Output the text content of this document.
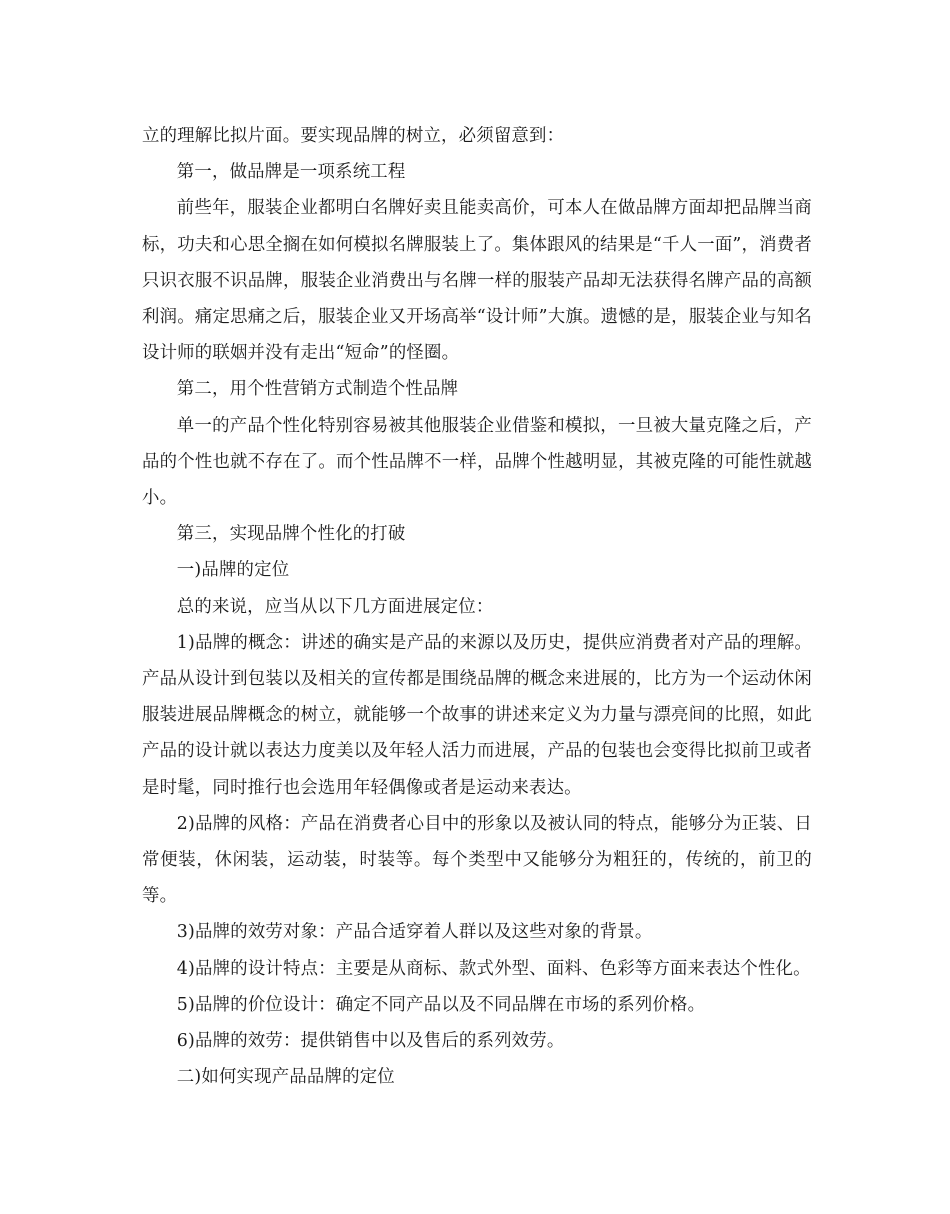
立的理解比拟片面。要实现品牌的树立，必须留意到：

第一，做品牌是一项系统工程

前些年，服装企业都明白名牌好卖且能卖高价，可本人在做品牌方面却把品牌当商标，功夫和心思全搁在如何模拟名牌服装上了。集体跟风的结果是“千人一面”，消费者只识衣服不识品牌，服装企业消费出与名牌一样的服装产品却无法获得名牌产品的高额利润。痛定思痛之后，服装企业又开场高举“设计师”大旗。遗憾的是，服装企业与知名设计师的联姻并没有走出“短命”的怪圈。

第二，用个性营销方式制造个性品牌

单一的产品个性化特别容易被其他服装企业借鉴和模拟，一旦被大量克隆之后，产品的个性也就不存在了。而个性品牌不一样，品牌个性越明显，其被克隆的可能性就越小。

第三，实现品牌个性化的打破

一)品牌的定位

总的来说，应当从以下几方面进展定位：

1)品牌的概念：讲述的确实是产品的来源以及历史，提供应消费者对产品的理解。产品从设计到包装以及相关的宣传都是围绕品牌的概念来进展的，比方为一个运动休闲服装进展品牌概念的树立，就能够一个故事的讲述来定义为力量与漂亮间的比照，如此产品的设计就以表达力度美以及年轻人活力而进展，产品的包装也会变得比拟前卫或者是时髦，同时推行也会选用年轻偶像或者是运动来表达。

2)品牌的风格：产品在消费者心目中的形象以及被认同的特点，能够分为正装、日常便装，休闲装，运动装，时装等。每个类型中又能够分为粗狂的，传统的，前卫的等。

3)品牌的效劳对象：产品合适穿着人群以及这些对象的背景。

4)品牌的设计特点：主要是从商标、款式外型、面料、色彩等方面来表达个性化。

5)品牌的价位设计：确定不同产品以及不同品牌在市场的系列价格。

6)品牌的效劳：提供销售中以及售后的系列效劳。

二)如何实现产品品牌的定位
